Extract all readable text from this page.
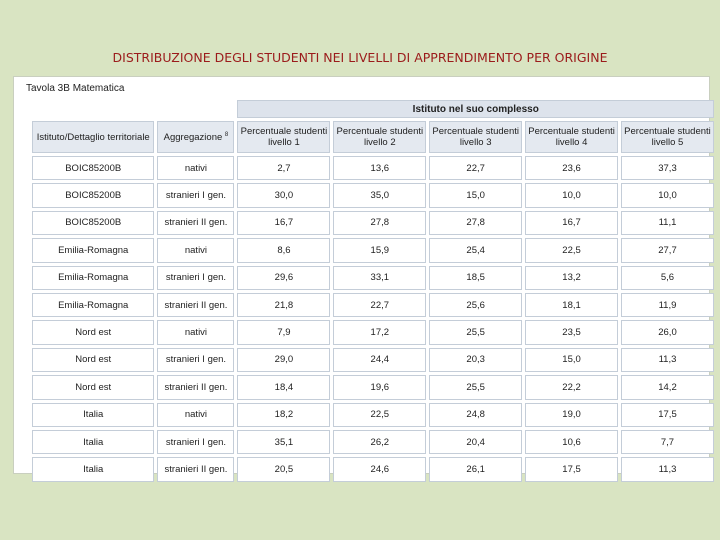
DISTRIBUZIONE DEGLI STUDENTI NEI LIVELLI DI APPRENDIMENTO PER ORIGINE
Tavola 3B Matematica
		Istituto nel suo complesso				
Istituto/Dettaglio territoriale	Aggregazione $^8$	Percentuale studenti livello 1	Percentuale studenti livello 2	Percentuale studenti livello 3	Percentuale studenti livello 4	Percentuale studenti livello 5
BOIC85200B	nativi	2,7	13,6	22,7	23,6	37,3
BOIC85200B	stranieri I gen.	30,0	35,0	15,0	10,0	10,0
BOIC85200B	stranieri II gen.	16,7	27,8	27,8	16,7	11,1
Emilia-Romagna	nativi	8,6	15,9	25,4	22,5	27,7
Emilia-Romagna	stranieri I gen.	29,6	33,1	18,5	13,2	5,6
Emilia-Romagna	stranieri II gen.	21,8	22,7	25,6	18,1	11,9
Nord est	nativi	7,9	17,2	25,5	23,5	26,0
Nord est	stranieri I gen.	29,0	24,4	20,3	15,0	11,3
Nord est	stranieri II gen.	18,4	19,6	25,5	22,2	14,2
Italia	nativi	18,2	22,5	24,8	19,0	17,5
Italia	stranieri I gen.	35,1	26,2	20,4	10,6	7,7
Italia	stranieri II gen.	20,5	24,6	26,1	17,5	11,3
